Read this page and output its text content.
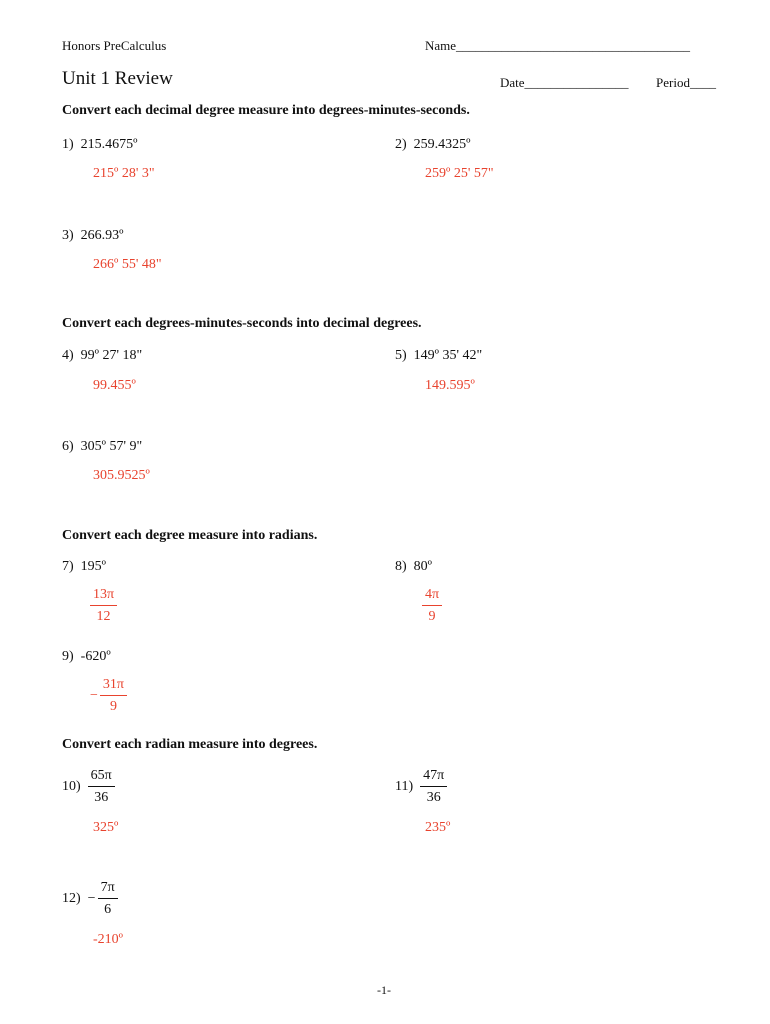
Honors PreCalculus	Name____________________________________
Unit 1 Review	Date________________ Period____
Convert each decimal degree measure into degrees-minutes-seconds.
1) 215.4675º
215º 28' 3"
2) 259.4325º
259º 25' 57"
3) 266.93º
266º 55' 48"
Convert each degrees-minutes-seconds into decimal degrees.
4) 99º 27' 18"
99.455º
5) 149º 35' 42"
149.595º
6) 305º 57' 9"
305.9525º
Convert each degree measure into radians.
7) 195º
$\frac{13\pi}{12}$
8) 80º
$\frac{4\pi}{9}$
9) -620º
− $\frac{31\pi}{9}$
Convert each radian measure into degrees.
$10) \frac{65\pi}{36}$
325º
$11) \frac{47\pi}{36}$
235º
$12) - \frac{7\pi}{6}$
-210º
-1-
